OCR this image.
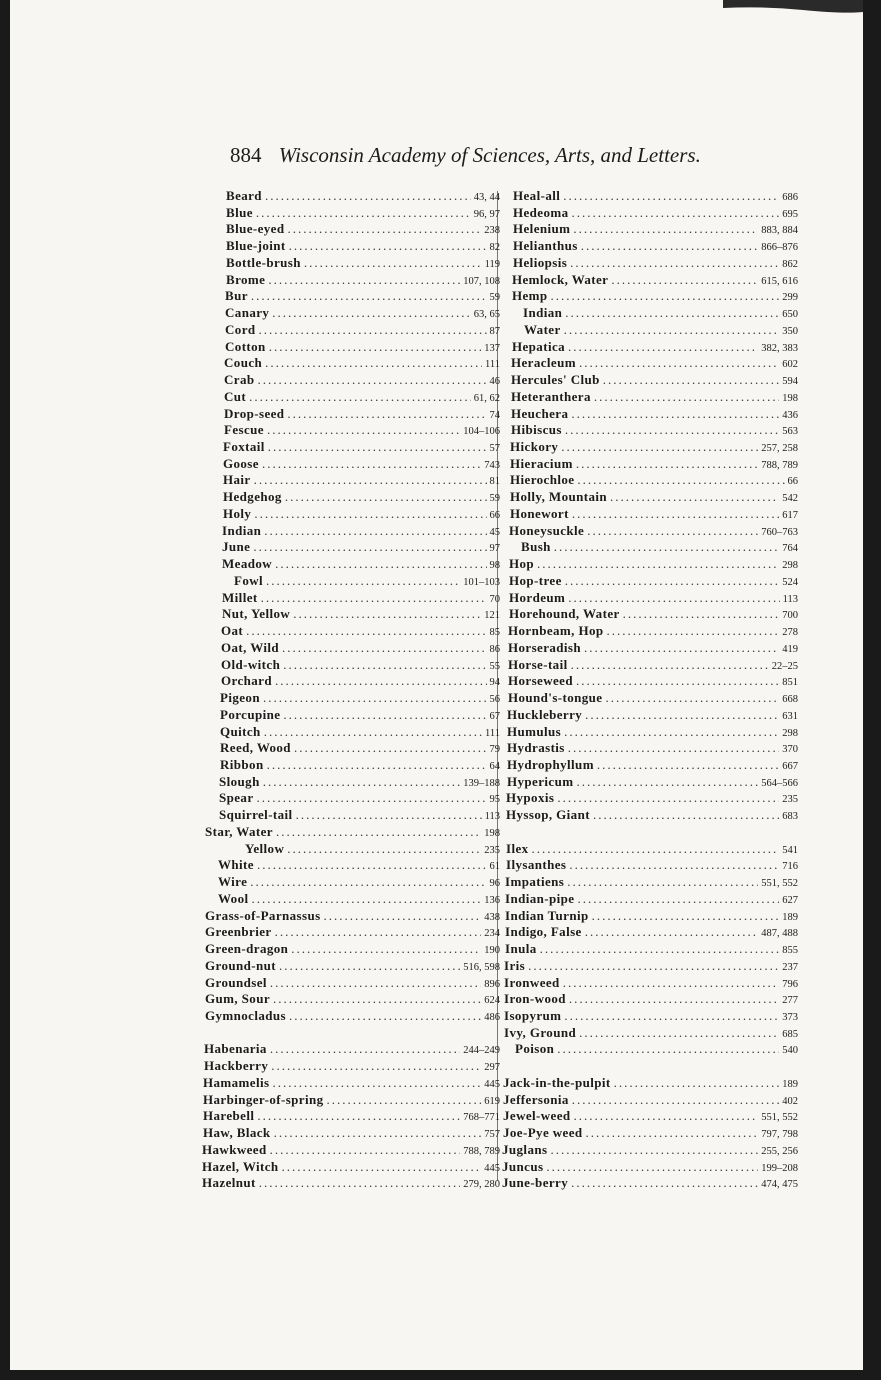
884 Wisconsin Academy of Sciences, Arts, and Letters.
Beard .....	43, 44
Blue .....	96, 97
Blue-eyed .....	238
Blue-joint .....	82
Bottle-brush .....	119
Brome .....	107, 108
Bur .....	59
Canary .....	63, 65
Cord .....	87
Cotton .....	137
Couch .....	111
Crab .....	46
Cut .....	61, 62
Drop-seed .....	74
Fescue .....	104–106
Foxtail .....	57
Goose .....	743
Hair .....	81
Hedgehog .....	59
Holy .....	66
Indian .....	45
June .....	97
Meadow .....	98
Fowl .....	101–103
Millet .....	70
Nut, Yellow .....	121
Oat .....	85
Oat, Wild .....	86
Old-witch .....	55
Orchard .....	94
Pigeon .....	56
Porcupine .....	67
Quitch .....	111
Reed, Wood .....	79
Ribbon .....	64
Slough .....	139–188
Spear .....	95
Squirrel-tail .....	113
Star, Water .....	198
Yellow .....	235
White .....	61
Wire .....	96
Wool .....	136
Grass-of-Parnassus .....	438
Greenbrier .....	234
Green-dragon .....	190
Ground-nut .....	516, 598
Groundsel .....	896
Gum, Sour .....	624
Gymnocladus .....	486
Habenaria .....	244–249
Hackberry .....	297
Hamamelis .....	445
Harbinger-of-spring .....	619
Harebell .....	768–771
Haw, Black .....	757
Hawkweed .....	788, 789
Hazel, Witch .....	445
Hazelnut .....	279, 280
Heal-all .....	686
Hedeoma .....	695
Helenium .....	883, 884
Helianthus .....	866–876
Heliopsis .....	862
Hemlock, Water .....	615, 616
Hemp .....	299
Indian .....	650
Water .....	350
Hepatica .....	382, 383
Heracleum .....	602
Hercules' Club .....	594
Heteranthera .....	198
Heuchera .....	436
Hibiscus .....	563
Hickory .....	257, 258
Hieracium .....	788, 789
Hierochloe .....	66
Holly, Mountain .....	542
Honewort .....	617
Honeysuckle .....	760–763
Bush .....	764
Hop .....	298
Hop-tree .....	524
Hordeum .....	113
Horehound, Water .....	700
Hornbeam, Hop .....	278
Horseradish .....	419
Horse-tail .....	22–25
Horseweed .....	851
Hound's-tongue .....	668
Huckleberry .....	631
Humulus .....	298
Hydrastis .....	370
Hydrophyllum .....	667
Hypericum .....	564–566
Hypoxis .....	235
Hyssop, Giant .....	683
Ilex .....	541
Ilysanthes .....	716
Impatiens .....	551, 552
Indian-pipe .....	627
Indian Turnip .....	189
Indigo, False .....	487, 488
Inula .....	855
Iris .....	237
Ironweed .....	796
Iron-wood .....	277
Isopyrum .....	373
Ivy, Ground .....	685
Poison .....	540
Jack-in-the-pulpit .....	189
Jeffersonia .....	402
Jewel-weed .....	551, 552
Joe-Pye weed .....	797, 798
Juglans .....	255, 256
Juncus .....	199–208
June-berry .....	474, 475
